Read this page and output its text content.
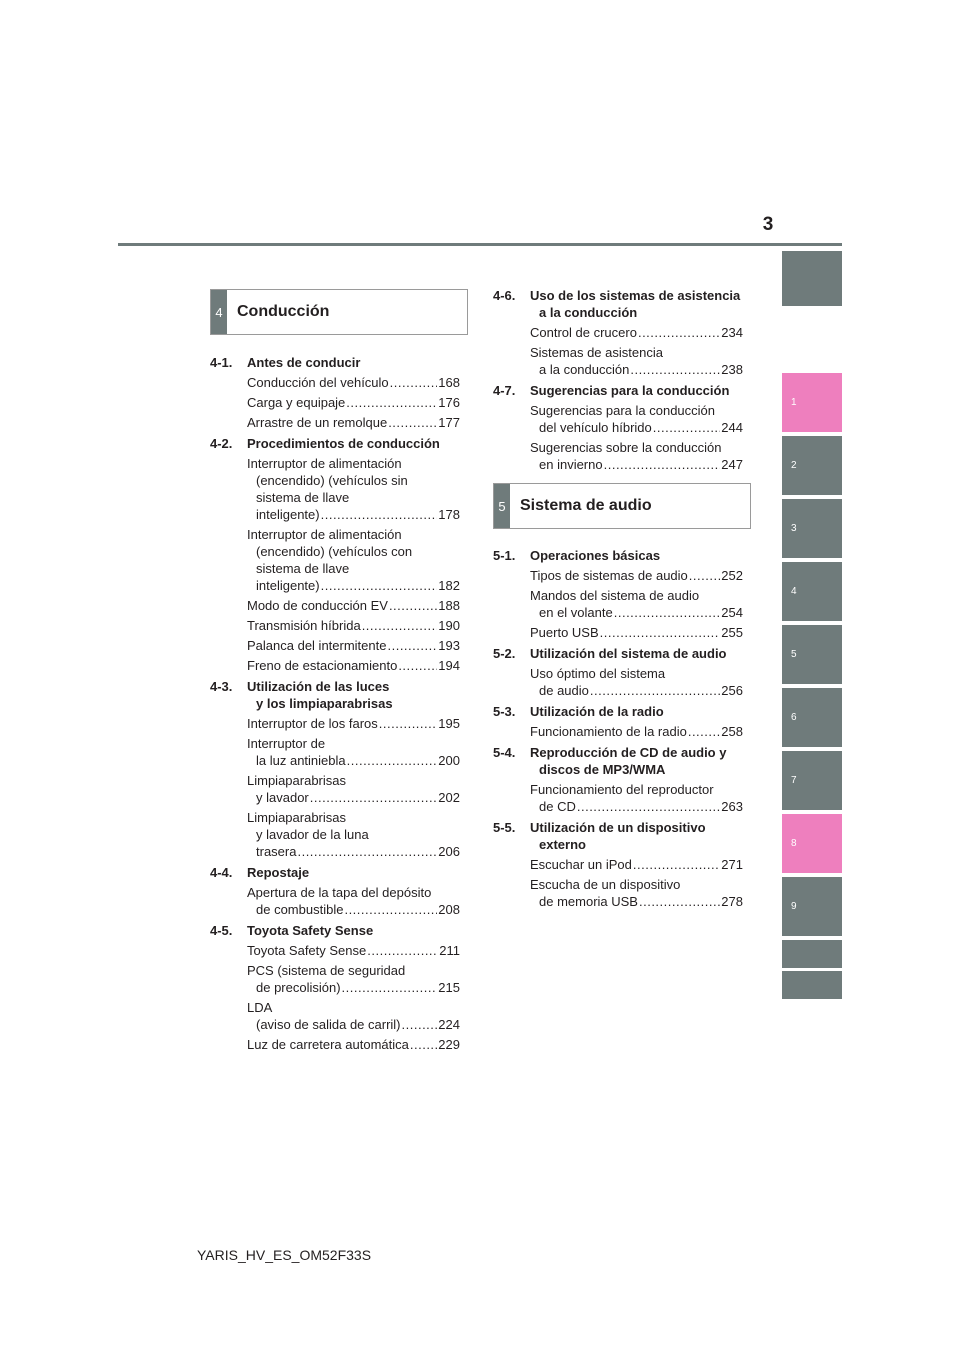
3
1
2
3
4
5
6
7
8
9
4 Conducción
5 Sistema de audio
4-1.	Antes de conducir
Conducción del vehículo .....	168
Carga y equipaje .....	176
Arrastre de un remolque .....	177
4-2.	Procedimientos de conducción
Interruptor de alimentación
(encendido) (vehículos sin
sistema de llave
inteligente) .....	178
Interruptor de alimentación
(encendido) (vehículos con
sistema de llave
inteligente) .....	182
Modo de conducción EV .....	188
Transmisión híbrida .....	190
Palanca del intermitente .....	193
Freno de estacionamiento .....	194
4-3.	Utilización de las luces
y los limpiaparabrisas
Interruptor de los faros .....	195
Interruptor de
la luz antiniebla .....	200
Limpiaparabrisas
y lavador .....	202
Limpiaparabrisas
y lavador de la luna
trasera .....	206
4-4.	Repostaje
Apertura de la tapa del depósito
de combustible .....	208
4-5.	Toyota Safety Sense
Toyota Safety Sense .....	211
PCS (sistema de seguridad
de precolisión) .....	215
LDA
(aviso de salida de carril) .....	224
Luz de carretera automática ..... 229
4-6.	Uso de los sistemas de asistencia
a la conducción
Control de crucero .....	234
Sistemas de asistencia
a la conducción .....	238
4-7.	Sugerencias para la conducción
Sugerencias para la conducción
del vehículo híbrido .....	244
Sugerencias sobre la conducción
en invierno .....	247
5-1.	Operaciones básicas
Tipos de sistemas de audio .....	252
Mandos del sistema de audio
en el volante .....	254
Puerto USB .....	255
5-2.	Utilización del sistema de audio
Uso óptimo del sistema
de audio .....	256
5-3.	Utilización de la radio
Funcionamiento de la radio .....	258
5-4.	Reproducción de CD de audio y
discos de MP3/WMA
Funcionamiento del reproductor
de CD .....	263
5-5.	Utilización de un dispositivo
externo
Escuchar un iPod .....	271
Escucha de un dispositivo
de memoria USB .....	278
YARIS_HV_ES_OM52F33S
